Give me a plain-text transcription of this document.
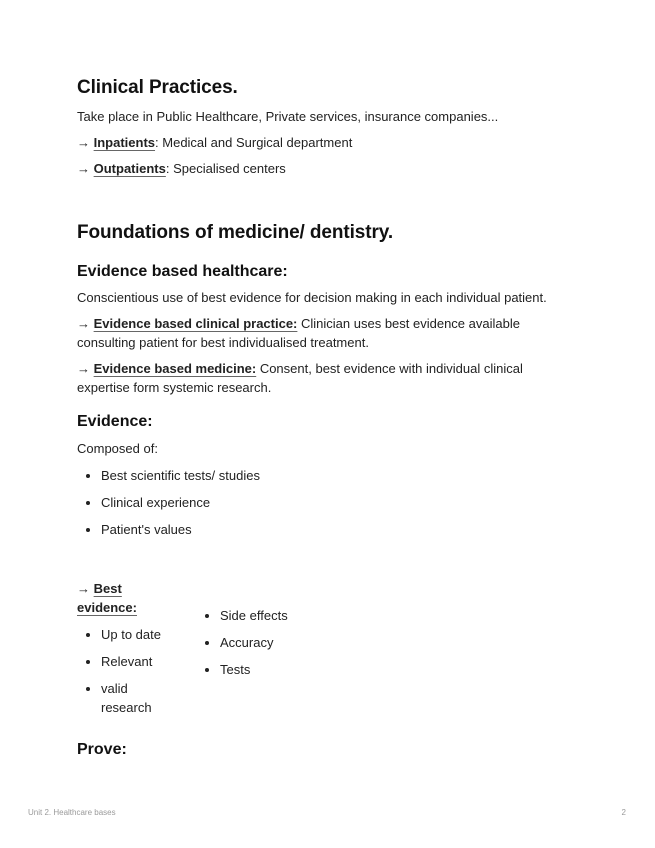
Clinical Practices.

Take place in Public Healthcare, Private services, insurance companies...

→ Inpatients: Medical and Surgical department

→ Outpatients: Specialised centers

Foundations of medicine/ dentistry.
Evidence based healthcare:

Conscientious use of best evidence for decision making in each individual patient.

→ Evidence based clinical practice: Clinician uses best evidence available consulting patient for best individualised treatment.

→ Evidence based medicine: Consent, best evidence with individual clinical expertise form systemic research.

Evidence:

Composed of:

Best scientific tests/ studies
Clinical experience
Patient's values

→ Best evidence:

Up to date
Relevant
valid research
Side effects
Accuracy
Tests
Prove:
Unit 2. Healthcare bases	2
